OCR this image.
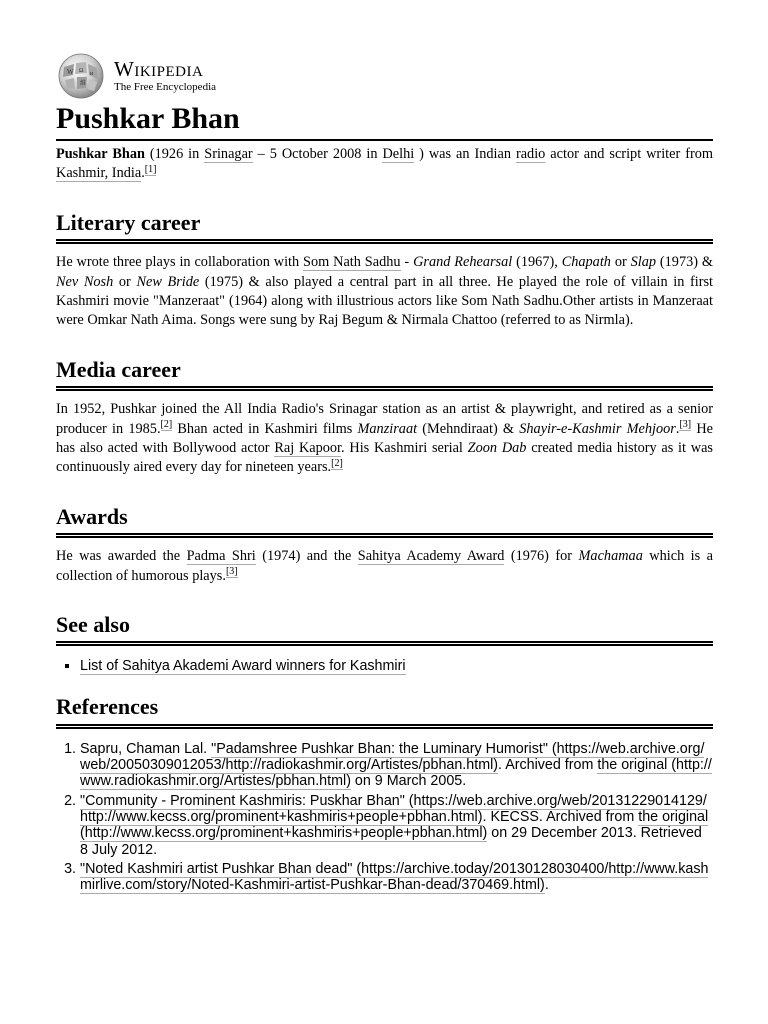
W Ω и
維
Wikipedia
The Free Encyclopedia
Pushkar Bhan

Pushkar Bhan (1926 in Srinagar – 5 October 2008 in Delhi ) was an Indian radio actor and script writer from Kashmir, India.[1]

Literary career

He wrote three plays in collaboration with Som Nath Sadhu - Grand Rehearsal (1967), Chapath or Slap (1973) & Nev Nosh or New Bride (1975) & also played a central part in all three. He played the role of villain in first Kashmiri movie "Manzeraat" (1964) along with illustrious actors like Som Nath Sadhu.Other artists in Manzeraat were Omkar Nath Aima. Songs were sung by Raj Begum & Nirmala Chattoo (referred to as Nirmla).

Media career

In 1952, Pushkar joined the All India Radio's Srinagar station as an artist & playwright, and retired as a senior producer in 1985.[2] Bhan acted in Kashmiri films Manziraat (Mehndiraat) & Shayir-e-Kashmir Mehjoor.[3] He has also acted with Bollywood actor Raj Kapoor. His Kashmiri serial Zoon Dab created media history as it was continuously aired every day for nineteen years.[2]

Awards

He was awarded the Padma Shri (1974) and the Sahitya Academy Award (1976) for Machamaa which is a collection of humorous plays.[3]

See also
▪ List of Sahitya Akademi Award winners for Kashmiri
References
1. Sapru, Chaman Lal. "Padamshree Pushkar Bhan: the Luminary Humorist" (https://web.archive.org/web/20050309012053/http://radiokashmir.org/Artistes/pbhan.html). Archived from the original (http://www.radiokashmir.org/Artistes/pbhan.html) on 9 March 2005.
2. "Community - Prominent Kashmiris: Puskhar Bhan" (https://web.archive.org/web/20131229014129/http://www.kecss.org/prominent+kashmiris+people+pbhan.html). KECSS. Archived from the original (http://www.kecss.org/prominent+kashmiris+people+pbhan.html) on 29 December 2013. Retrieved 8 July 2012.
3. "Noted Kashmiri artist Pushkar Bhan dead" (https://archive.today/20130128030400/http://www.kashmirlive.com/story/Noted-Kashmiri-artist-Pushkar-Bhan-dead/370469.html).
